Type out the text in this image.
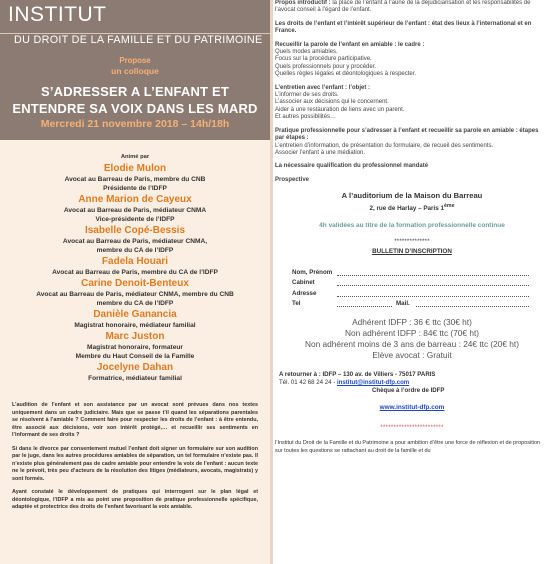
INSTITUT
DU DROIT DE LA FAMILLE ET DU PATRIMOINE
Propose
un colloque
S’ADRESSER A L’ENFANT ET
ENTENDRE SA VOIX DANS LES MARD
Mercredi 21 novembre 2018 – 14h/18h
Animé par
Elodie Mulon
Avocat au Barreau de Paris, membre du CNB
Présidente de l’IDFP
Anne Marion de Cayeux
Avocat au Barreau de Paris, médiateur CNMA
Vice-présidente de l’IDFP
Isabelle Copé-Bessis
Avocat au Barreau de Paris, médiateur CNMA,
membre du CA de l’IDFP
Fadela Houari
Avocat au Barreau de Paris, membre du CA de l’IDFP
Carine Denoit-Benteux
Avocat au Barreau de Paris, médiateur CNMA, membre du CNB
membre du CA de l’IDFP
Danièle Ganancia
Magistrat honoraire, médiateur familial
Marc Juston
Magistrat honoraire, formateur
Membre du Haut Conseil de la Famille
Jocelyne Dahan
Formatrice, médiateur familial

L’audition de l’enfant et son assistance par un avocat sont prévues dans nos textes uniquement dans un cadre judiciaire. Mais que se passe t’il quand les séparations parentales se résolvent à l’amiable ? Comment faire pour respecter les droits de l’enfant : à être entendu, être associé aux décisions, voir son intérêt protégé,… et recueillir ses sentiments en l’informant de ses droits ?

Si dans le divorce par consentement mutuel l’enfant doit signer un formulaire sur son audition par le juge, dans les autres procédures amiables de séparation, un tel formulaire n’existe pas. Il n’existe plus généralement pas de cadre amiable pour entendre la voix de l’enfant : aucun texte ne le prévoit, très peu d’acteurs de la résolution des litiges (médiateurs, avocats, magistrats) y sont formés.

Ayant constaté le développement de pratiques qui interrogent sur le plan légal et déontologique, l’IDFP a mis au point une proposition de pratique professionnelle spécifique, adaptée et protectrice des droits de l’enfant favorisant la voix amiable.

Propos introductif : la place de l’enfant à l’aune de la déjudiciarisation et les responsabilités de l’avocat conseil à l’égard de l’enfant.
Les droits de l’enfant et l’intérêt supérieur de l’enfant : état des lieux à l’international et en France.
Recueillir la parole de l’enfant en amiable : le cadre :
Quels modes amiables.
Focus sur la procédure participative.
Quels professionnels pour y procéder.
Quelles règles légales et déontologiques à respecter.
L’entretien avec l’enfant : l’objet :
L’informer de ses droits.
L’associer aux décisions qui le concernent.
Aider à une restauration de liens avec un parent.
Et autres possibilités…
Pratique professionnelle pour s’adresser à l’enfant et recueillir sa parole en amiable : étapes par étapes :
L’entretien d’information, de présentation du formulaire, de recueil des sentiments.
Associer l’enfant à une médiation.
La nécessaire qualification du professionnel mandaté
Prospective
A l’auditorium de la Maison du Barreau
2, rue de Harlay – Paris 1ème
4h validées au titre de la formation professionnelle continue
**************
BULLETIN D’INSCRIPTION
Nom, Prénom
Cabinet
Adresse
Tel	Mail.
Adhérent IDFP : 36 € ttc (30€ ht)
Non adhérent IDFP : 84€ ttc (70€ ht)
Non adhérent moins de 3 ans de barreau : 24€ ttc (20€ ht)
Elève avocat : Gratuit
A retourner à : IDFP – 130 av. de Villiers - 75017 PARIS
Tél. 01 42 68 24 24 - institut@institut-dfp.com
Chèque à l’ordre de IDFP
www.institut-dfp.com
************************
l’Institut du Droit de la Famille et du Patrimoine a pour ambition d’être une force de réflexion et de proposition sur toutes les questions se rattachant au droit de la famille et du
